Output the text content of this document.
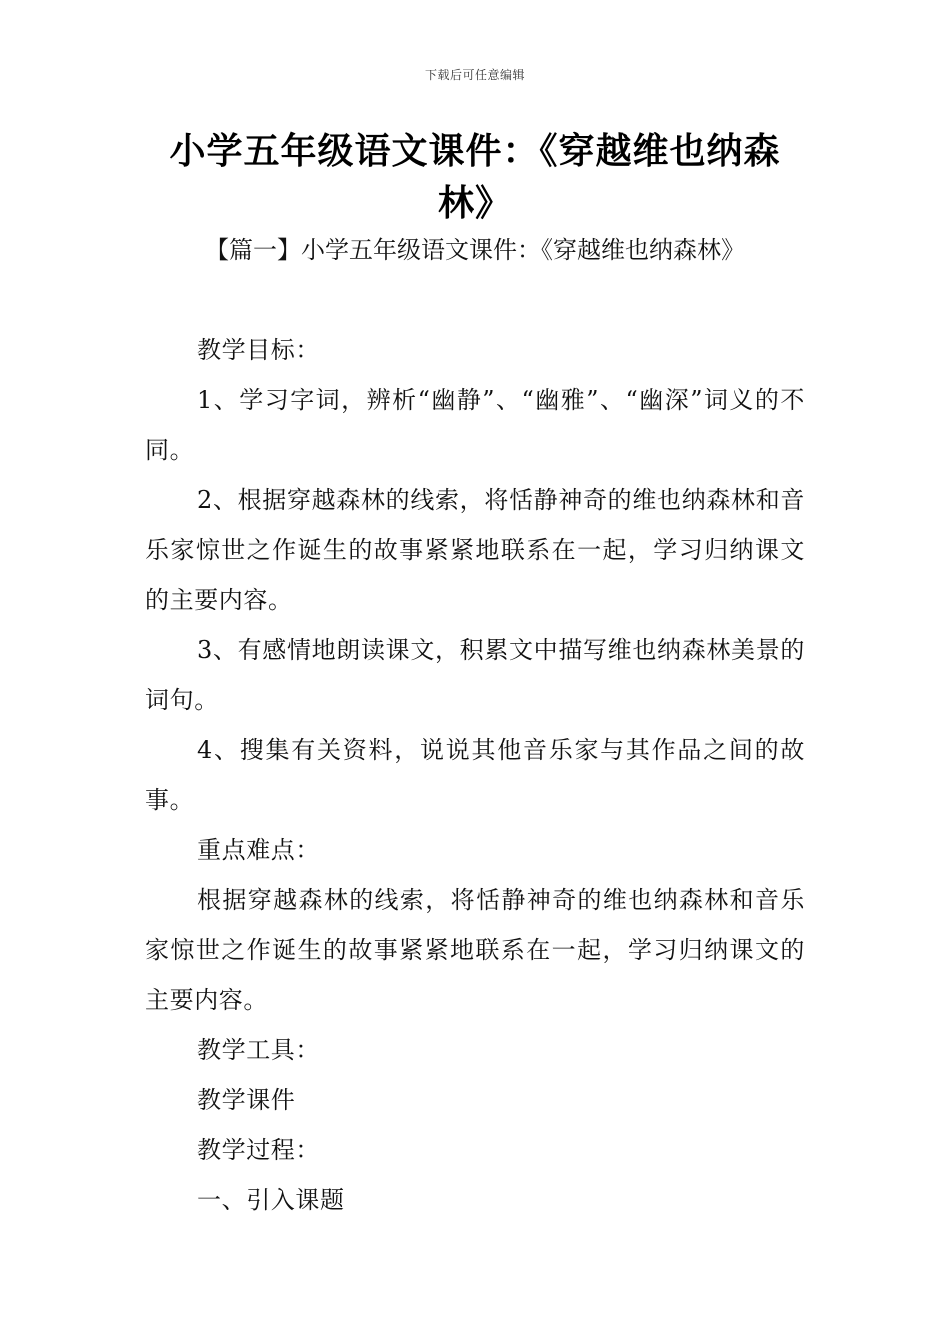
下载后可任意编辑
小学五年级语文课件：《穿越维也纳森林》
【篇一】小学五年级语文课件：《穿越维也纳森林》

教学目标：

1、学习字词，辨析“幽静”、“幽雅”、“幽深”词义的不同。

2、根据穿越森林的线索，将恬静神奇的维也纳森林和音乐家惊世之作诞生的故事紧紧地联系在一起，学习归纳课文的主要内容。

3、有感情地朗读课文，积累文中描写维也纳森林美景的词句。

4、搜集有关资料，说说其他音乐家与其作品之间的故事。

重点难点：

根据穿越森林的线索，将恬静神奇的维也纳森林和音乐家惊世之作诞生的故事紧紧地联系在一起，学习归纳课文的主要内容。

教学工具：

教学课件

教学过程：

一、引入课题
